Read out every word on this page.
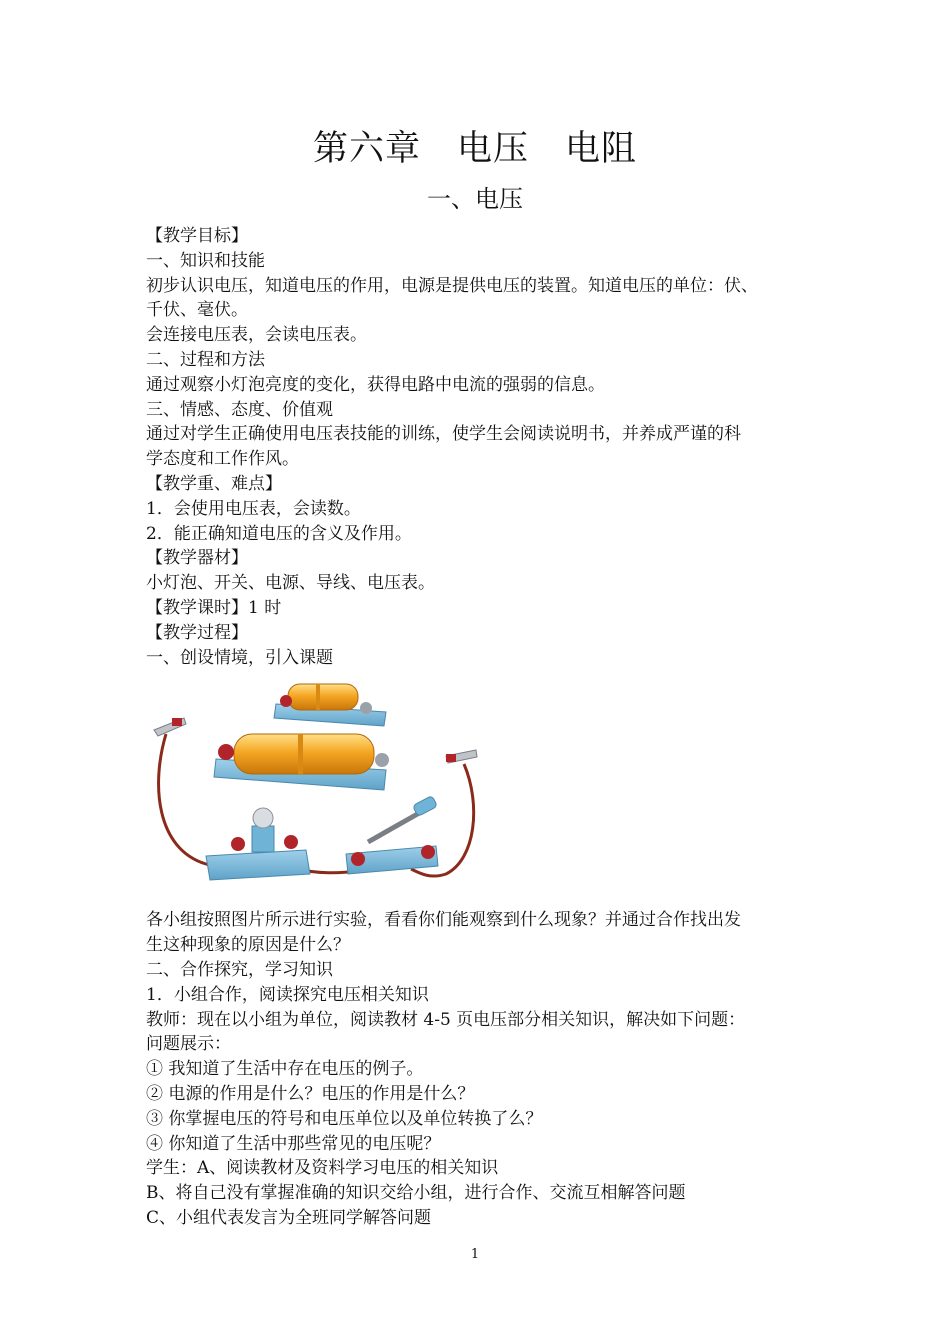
第六章　电压　电阻
一、电压

【教学目标】

一、知识和技能

初步认识电压，知道电压的作用，电源是提供电压的装置。知道电压的单位：伏、

千伏、毫伏。

会连接电压表，会读电压表。

二、过程和方法

通过观察小灯泡亮度的变化，获得电路中电流的强弱的信息。

三、情感、态度、价值观

通过对学生正确使用电压表技能的训练，使学生会阅读说明书，并养成严谨的科

学态度和工作作风。

【教学重、难点】

1．会使用电压表，会读数。

2．能正确知道电压的含义及作用。

【教学器材】

小灯泡、开关、电源、导线、电压表。

【教学课时】1 时

【教学过程】

一、创设情境，引入课题

各小组按照图片所示进行实验，看看你们能观察到什么现象？并通过合作找出发

生这种现象的原因是什么？

二、合作探究，学习知识

1．小组合作，阅读探究电压相关知识

教师：现在以小组为单位，阅读教材 4-5 页电压部分相关知识，解决如下问题：

问题展示：

① 我知道了生活中存在电压的例子。

② 电源的作用是什么？电压的作用是什么？

③ 你掌握电压的符号和电压单位以及单位转换了么？

④ 你知道了生活中那些常见的电压呢？

学生：A、阅读教材及资料学习电压的相关知识

B、将自己没有掌握准确的知识交给小组，进行合作、交流互相解答问题

C、小组代表发言为全班同学解答问题

1
